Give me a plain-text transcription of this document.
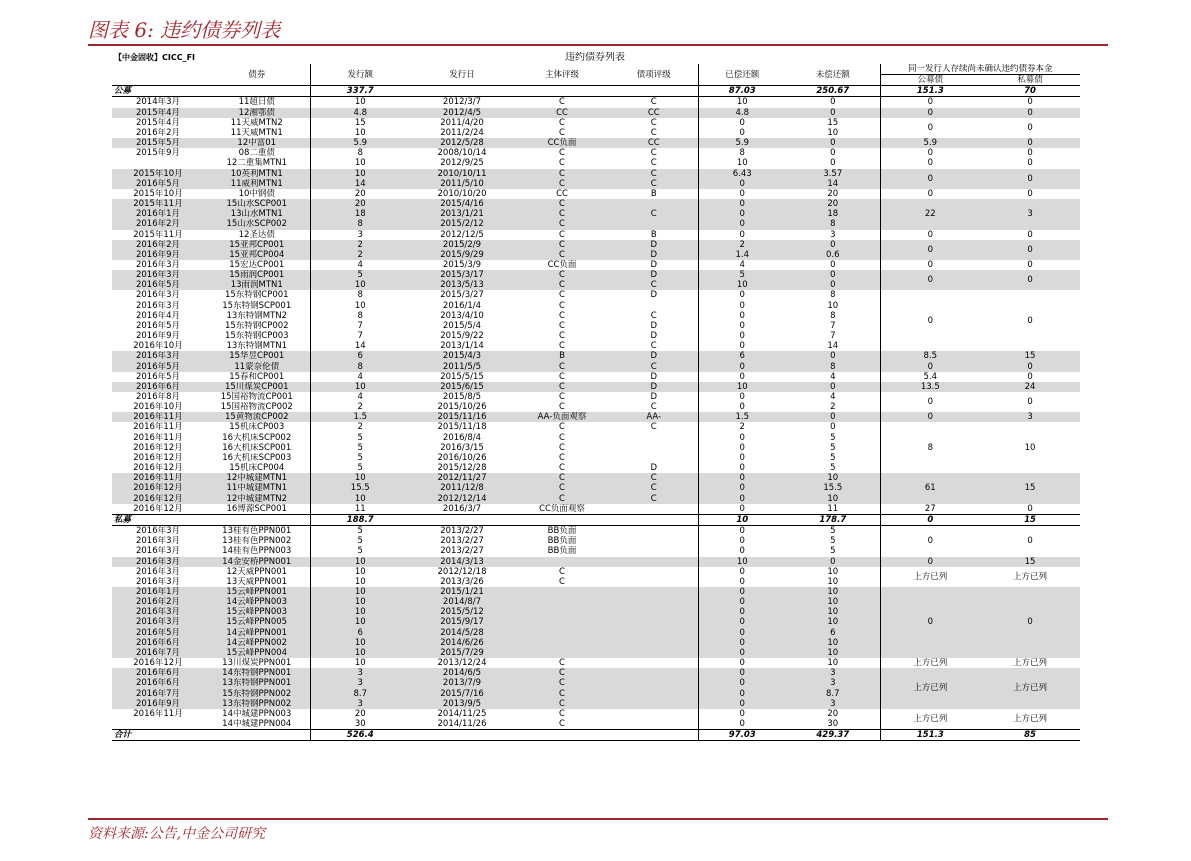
图表 6: 违约债券列表
【中金固收】CICC_FI		违约债券列表							
	债券	发行额	发行日	主体评级	债项评级	已偿还额	未偿还额	同一发行人存续尚未确认违约债券本金	
								公募债	私募债
公募		337.7				87.03	250.67	151.3	70
2014年3月	11超日债	10	2012/3/7	C	C	10	0	0	0
2015年4月	12湘鄂债	4.8	2012/4/5	CC	CC	4.8	0	0	0
2015年4月	11天威MTN2	15	2011/4/20	C	C	0	15	0	0
2016年2月	11天威MTN1	10	2011/2/24	C	C	0	10		
2015年5月	12中富01	5.9	2012/5/28	CC负面	CC	5.9	0	5.9	0
2015年9月	08二重债	8	2008/10/14	C	C	8	0	0	0
	12二重集MTN1	10	2012/9/25	C	C	10	0	0	0
2015年10月	10英利MTN1	10	2010/10/11	C	C	6.43	3.57	0	0
2016年5月	11威利MTN1	14	2011/5/10	C	C	0	14		
2015年10月	10中钢债	20	2010/10/20	CC	B	0	20	0	0
2015年11月	15山水SCP001	20	2015/4/16	C		0	20	22	3
2016年1月	13山水MTN1	18	2013/1/21	C	C	0	18		
2016年2月	15山水SCP002	8	2015/2/12	C		0	8		
2015年11月	12圣达债	3	2012/12/5	C	B	0	3	0	0
2016年2月	15亚邦CP001	2	2015/2/9	C	D	2	0	0	0
2016年9月	15亚邦CP004	2	2015/9/29	C	D	1.4	0.6		
2016年3月	15宏达CP001	4	2015/3/9	CC负面	D	4	0	0	0
2016年3月	15雨润CP001	5	2015/3/17	C	D	5	0	0	0
2016年5月	13雨润MTN1	10	2013/5/13	C	C	10	0		
2016年3月	15东特钢CP001	8	2015/3/27	C	D	0	8	0	0
2016年3月	15东特钢SCP001	10	2016/1/4	C		0	10		
2016年4月	13东特钢MTN2	8	2013/4/10	C	C	0	8		
2016年5月	15东特钢CP002	7	2015/5/4	C	D	0	7		
2016年9月	15东特钢CP003	7	2015/9/22	C	D	0	7		
2016年10月	13东特钢MTN1	14	2013/1/14	C	C	0	14		
2016年3月	15华昱CP001	6	2015/4/3	B	D	6	0	8.5	15
2016年5月	11蒙奈伦债	8	2011/5/5	C	C	0	8	0	0
2016年5月	15春和CP001	4	2015/5/15	C	D	0	4	5.4	0
2016年6月	15川煤炭CP001	10	2015/6/15	C	D	10	0	13.5	24
2016年8月	15国裕物流CP001	4	2015/8/5	C	D	0	4	0	0
2016年10月	15国裕物流CP002	2	2015/10/26	C	C	0	2		
2016年11月	15黄物流CP002	1.5	2015/11/16	AA-负面观察	AA-	1.5	0	0	3
2016年11月	15机床CP003	2	2015/11/18	C	C	2	0	8	10
2016年11月	16大机床SCP002	5	2016/8/4	C		0	5		
2016年12月	16大机床SCP001	5	2016/3/15	C		0	5		
2016年12月	16大机床SCP003	5	2016/10/26	C		0	5		
2016年12月	15机床CP004	5	2015/12/28	C	D	0	5		
2016年11月	12中城建MTN1	10	2012/11/27	C	C	0	10	61	15
2016年12月	11中城建MTN1	15.5	2011/12/8	C	C	0	15.5		
2016年12月	12中城建MTN2	10	2012/12/14	C	C	0	10		
2016年12月	16博源SCP001	11	2016/3/7	CC负面观察		0	11	27	0
私募		188.7				10	178.7	0	15
2016年3月	13桂有色PPN001	5	2013/2/27	BB负面		0	5	0	0
2016年3月	13桂有色PPN002	5	2013/2/27	BB负面		0	5		
2016年3月	14桂有色PPN003	5	2013/2/27	BB负面		0	5		
2016年3月	14金安桥PPN001	10	2014/3/13			10	0	0	15
2016年3月	12天威PPN001	10	2012/12/18	C		0	10	上方已列	上方已列
2016年3月	13天威PPN001	10	2013/3/26	C		0	10		
2016年1月	15云峰PPN001	10	2015/1/21			0	10	0	0
2016年2月	14云峰PPN003	10	2014/8/7			0	10		
2016年3月	15云峰PPN003	10	2015/5/12			0	10		
2016年3月	15云峰PPN005	10	2015/9/17			0	10		
2016年5月	14云峰PPN001	6	2014/5/28			0	6		
2016年6月	14云峰PPN002	10	2014/6/26			0	10		
2016年7月	15云峰PPN004	10	2015/7/29			0	10		
2016年12月	13川煤炭PPN001	10	2013/12/24	C		0	10	上方已列	上方已列
2016年6月	14东特钢PPN001	3	2014/6/5	C		0	3	上方已列	上方已列
2016年6月	13东特钢PPN001	3	2013/7/9	C		0	3		
2016年7月	15东特钢PPN002	8.7	2015/7/16	C		0	8.7		
2016年9月	13东特钢PPN002	3	2013/9/5	C		0	3		
2016年11月	14中城建PPN003	20	2014/11/25	C		0	20	上方已列	上方已列
	14中城建PPN004	30	2014/11/26	C		0	30		
合计		526.4				97.03	429.37	151.3	85
资料来源:公告,中金公司研究
